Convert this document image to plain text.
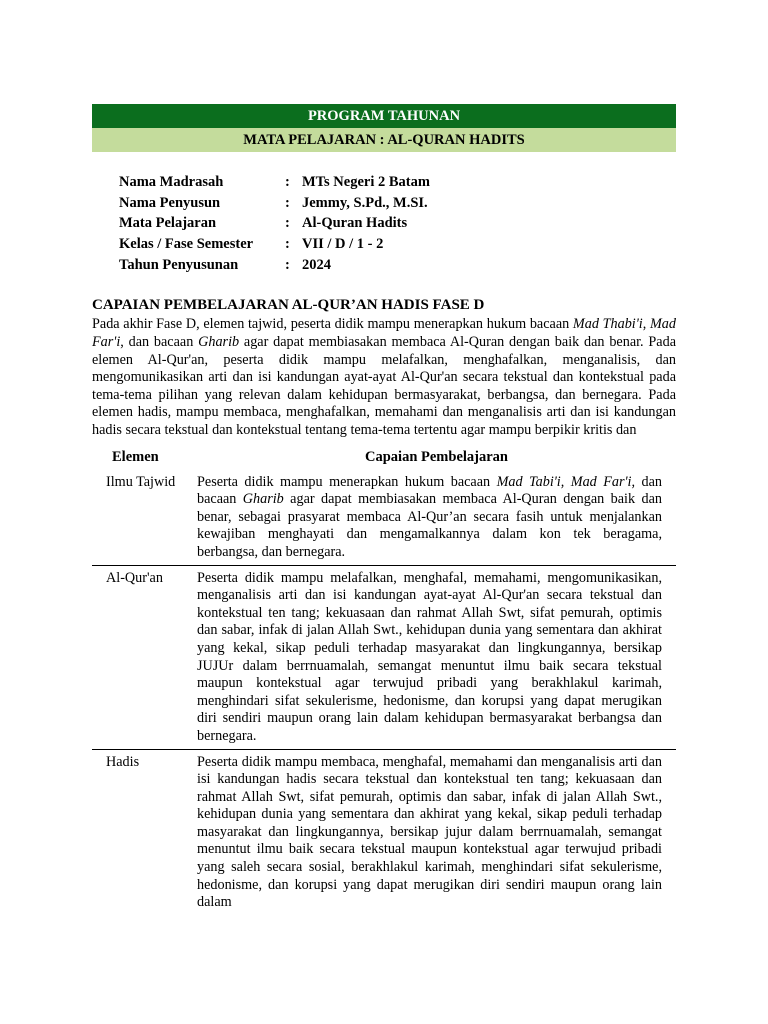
PROGRAM TAHUNAN
MATA PELAJARAN : AL-QURAN HADITS
Nama Madrasah	: MTs Negeri 2 Batam
Nama Penyusun	: Jemmy, S.Pd., M.SI.
Mata Pelajaran	: Al-Quran Hadits
Kelas / Fase Semester	: VII / D / 1 - 2
Tahun Penyusunan	: 2024
CAPAIAN PEMBELAJARAN AL-QUR’AN HADIS FASE D
Pada akhir Fase D, elemen tajwid, peserta didik mampu menerapkan hukum bacaan Mad Thabi'i, Mad Far'i, dan bacaan Gharib agar dapat membiasakan membaca Al-Quran dengan baik dan benar. Pada elemen Al-Qur'an, peserta didik mampu melafalkan, menghafalkan, menganalisis, dan mengomunikasikan arti dan isi kandungan ayat-ayat Al-Qur'an secara tekstual dan kontekstual pada tema-tema pilihan yang relevan dalam kehidupan bermasyarakat, berbangsa, dan bernegara. Pada elemen hadis, mampu membaca, menghafalkan, memahami dan menganalisis arti dan isi kandungan hadis secara tekstual dan kontekstual tentang tema-tema tertentu agar mampu berpikir kritis dan
Elemen	Capaian Pembelajaran
Ilmu Tajwid	Peserta didik mampu menerapkan hukum bacaan Mad Tabi'i, Mad Far'i, dan bacaan Gharib agar dapat membiasakan membaca Al-Quran dengan baik dan benar, sebagai prasyarat membaca Al-Qur’an secara fasih untuk menjalankan kewajiban menghayati dan mengamalkannya dalam kon tek beragama, berbangsa, dan bernegara.
Al-Qur'an	Peserta didik mampu melafalkan, menghafal, memahami, mengomunikasikan, menganalisis arti dan isi kandungan ayat-ayat Al-Qur'an secara tekstual dan kontekstual ten tang; kekuasaan dan rahmat Allah Swt, sifat pemurah, optimis dan sabar, infak di jalan Allah Swt., kehidupan dunia yang sementara dan akhirat yang kekal, sikap peduli terhadap masyarakat dan lingkungannya, bersikap JUJUr dalam berrnuamalah, semangat menuntut ilmu baik secara tekstual maupun kontekstual agar terwujud pribadi yang berakhlakul karimah, menghindari sifat sekulerisme, hedonisme, dan korupsi yang dapat merugikan diri sendiri maupun orang lain dalam kehidupan bermasyarakat berbangsa dan bernegara.
Hadis	Peserta didik mampu membaca, menghafal, memahami dan menganalisis arti dan isi kandungan hadis secara tekstual dan kontekstual ten tang; kekuasaan dan rahmat Allah Swt, sifat pemurah, optimis dan sabar, infak di jalan Allah Swt., kehidupan dunia yang sementara dan akhirat yang kekal, sikap peduli terhadap masyarakat dan lingkungannya, bersikap jujur dalam berrnuamalah, semangat menuntut ilmu baik secara tekstual maupun kontekstual agar terwujud pribadi yang saleh secara sosial, berakhlakul karimah, menghindari sifat sekulerisme, hedonisme, dan korupsi yang dapat merugikan diri sendiri maupun orang lain dalam
